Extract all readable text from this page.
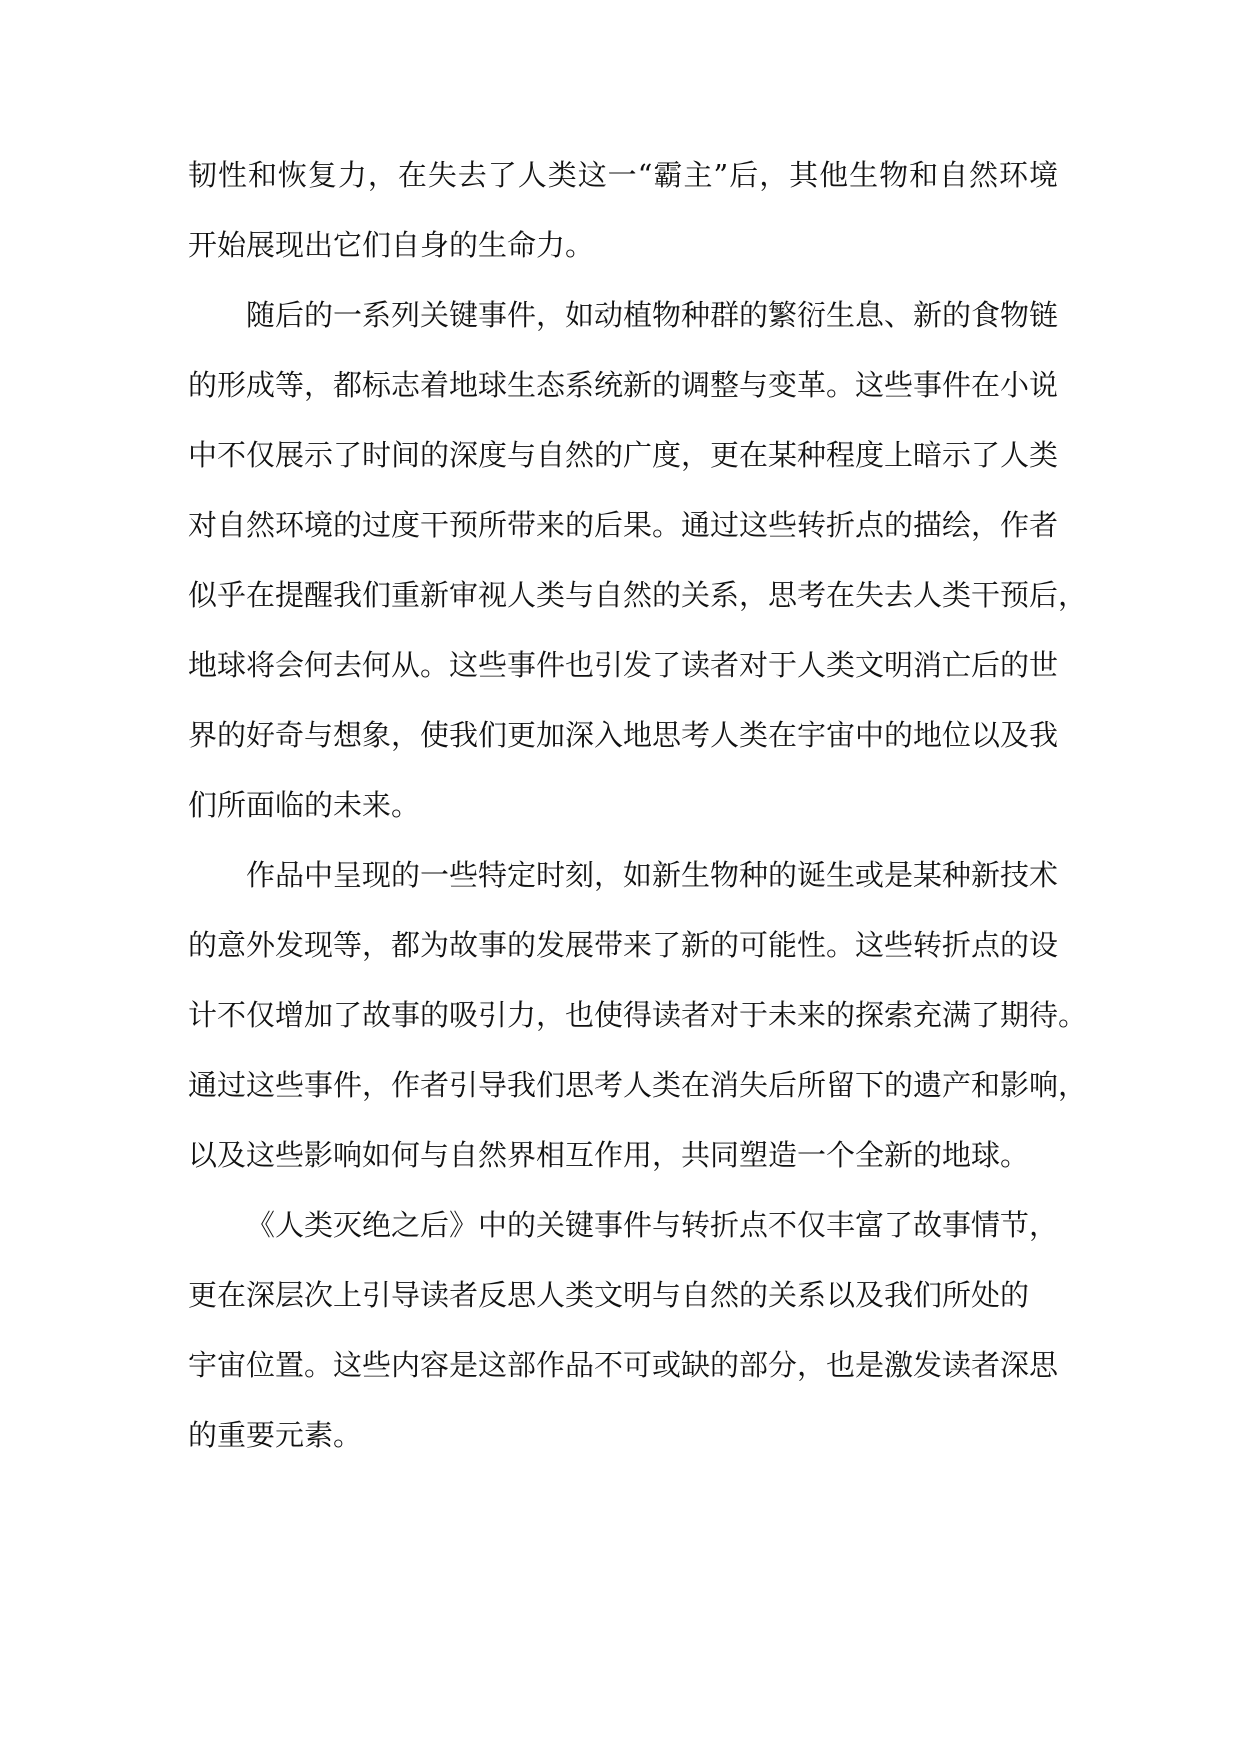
韧性和恢复力，在失去了人类这一“霸主”后，其他生物和自然环境
开始展现出它们自身的生命力。
随后的一系列关键事件，如动植物种群的繁衍生息、新的食物链
的形成等，都标志着地球生态系统新的调整与变革。这些事件在小说
中不仅展示了时间的深度与自然的广度，更在某种程度上暗示了人类
对自然环境的过度干预所带来的后果。通过这些转折点的描绘，作者
似乎在提醒我们重新审视人类与自然的关系，思考在失去人类干预后，
地球将会何去何从。这些事件也引发了读者对于人类文明消亡后的世
界的好奇与想象，使我们更加深入地思考人类在宇宙中的地位以及我
们所面临的未来。
作品中呈现的一些特定时刻，如新生物种的诞生或是某种新技术
的意外发现等，都为故事的发展带来了新的可能性。这些转折点的设
计不仅增加了故事的吸引力，也使得读者对于未来的探索充满了期待。
通过这些事件，作者引导我们思考人类在消失后所留下的遗产和影响，
以及这些影响如何与自然界相互作用，共同塑造一个全新的地球。
《人类灭绝之后》中的关键事件与转折点不仅丰富了故事情节，
更在深层次上引导读者反思人类文明与自然的关系以及我们所处的
宇宙位置。这些内容是这部作品不可或缺的部分，也是激发读者深思
的重要元素。
